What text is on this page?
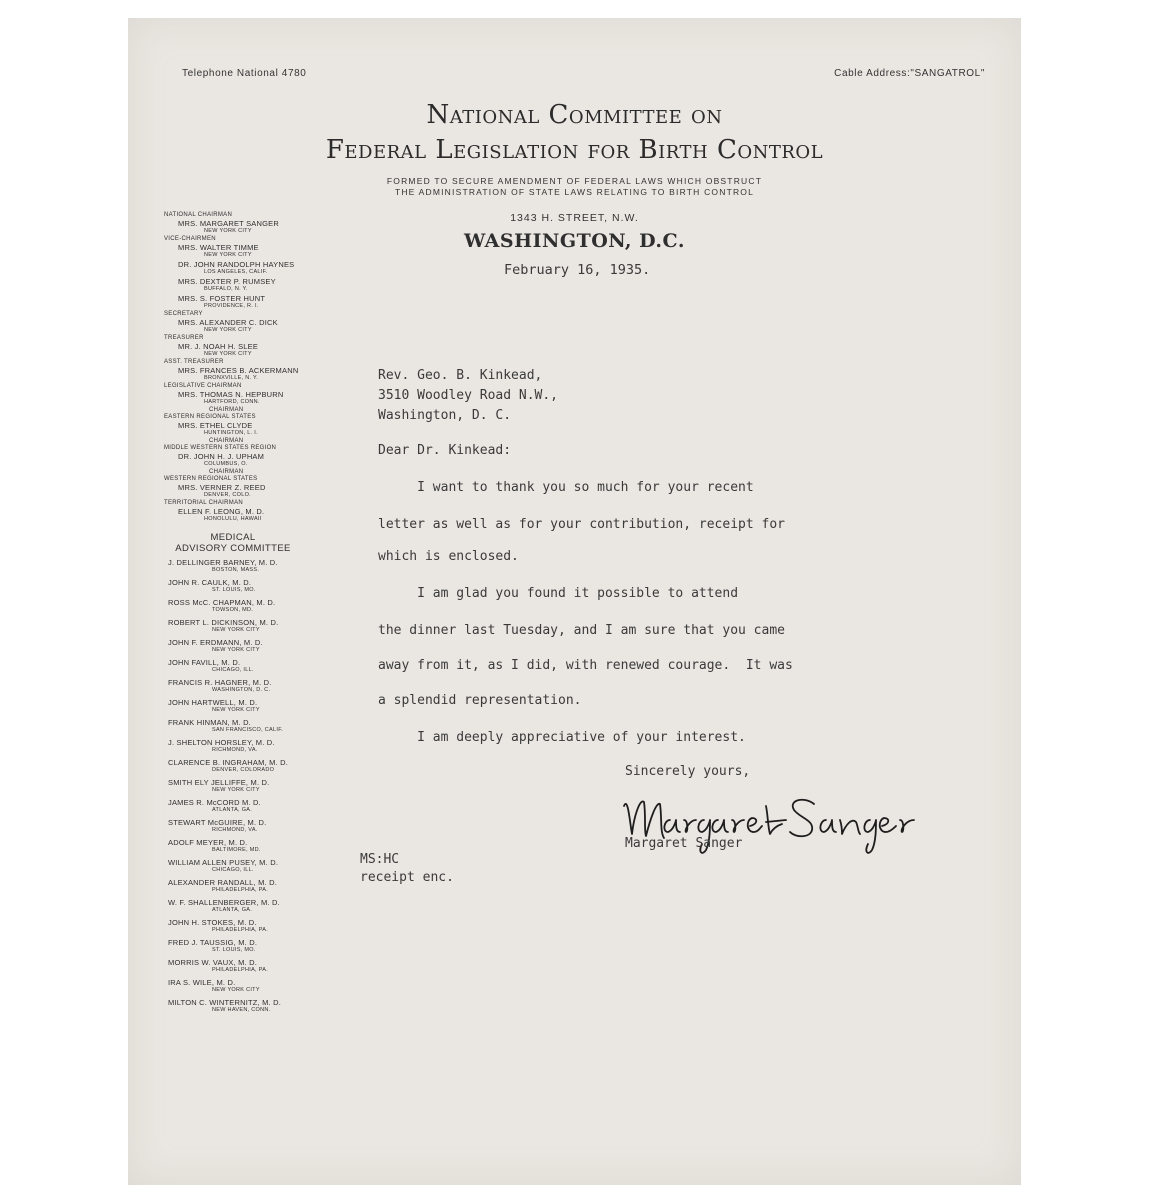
Telephone National 4780	Cable Address:"SANGATROL"
National Committee on
Federal Legislation for Birth Control
FORMED TO SECURE AMENDMENT OF FEDERAL LAWS WHICH OBSTRUCT
THE ADMINISTRATION OF STATE LAWS RELATING TO BIRTH CONTROL
1343 H. STREET, N.W.
WASHINGTON, D.C.
February 16, 1935.
NATIONAL CHAIRMAN
MRS. MARGARET SANGER
NEW YORK CITY
VICE-CHAIRMEN
MRS. WALTER TIMME
NEW YORK CITY
DR. JOHN RANDOLPH HAYNES
LOS ANGELES, CALIF.
MRS. DEXTER P. RUMSEY
BUFFALO, N. Y.
MRS. S. FOSTER HUNT
PROVIDENCE, R. I.
SECRETARY
MRS. ALEXANDER C. DICK
NEW YORK CITY
TREASURER
MR. J. NOAH H. SLEE
NEW YORK CITY
ASST. TREASURER
MRS. FRANCES B. ACKERMANN
BRONXVILLE, N. Y.
LEGISLATIVE CHAIRMAN
MRS. THOMAS N. HEPBURN
HARTFORD, CONN.
CHAIRMAN
EASTERN REGIONAL STATES
MRS. ETHEL CLYDE
HUNTINGTON, L. I.
CHAIRMAN
MIDDLE WESTERN STATES REGION
DR. JOHN H. J. UPHAM
COLUMBUS, O.
CHAIRMAN
WESTERN REGIONAL STATES
MRS. VERNER Z. REED
DENVER, COLO.
TERRITORIAL CHAIRMAN
ELLEN F. LEONG, M. D.
HONOLULU, HAWAII
MEDICAL
ADVISORY COMMITTEE
J. DELLINGER BARNEY, M. D.
BOSTON, MASS.
JOHN R. CAULK, M. D.
ST. LOUIS, MO.
ROSS McC. CHAPMAN, M. D.
TOWSON, MD.
ROBERT L. DICKINSON, M. D.
NEW YORK CITY
JOHN F. ERDMANN, M. D.
NEW YORK CITY
JOHN FAVILL, M. D.
CHICAGO, ILL.
FRANCIS R. HAGNER, M. D.
WASHINGTON, D. C.
JOHN HARTWELL, M. D.
NEW YORK CITY
FRANK HINMAN, M. D.
SAN FRANCISCO, CALIF.
J. SHELTON HORSLEY, M. D.
RICHMOND, VA.
CLARENCE B. INGRAHAM, M. D.
DENVER, COLORADO
SMITH ELY JELLIFFE, M. D.
NEW YORK CITY
JAMES R. McCORD M. D.
ATLANTA, GA.
STEWART McGUIRE, M. D.
RICHMOND, VA.
ADOLF MEYER, M. D.
BALTIMORE, MD.
WILLIAM ALLEN PUSEY, M. D.
CHICAGO, ILL.
ALEXANDER RANDALL, M. D.
PHILADELPHIA, PA.
W. F. SHALLENBERGER, M. D.
ATLANTA, GA.
JOHN H. STOKES, M. D.
PHILADELPHIA, PA.
FRED J. TAUSSIG, M. D.
ST. LOUIS, MO.
MORRIS W. VAUX, M. D.
PHILADELPHIA, PA.
IRA S. WILE, M. D.
NEW YORK CITY
MILTON C. WINTERNITZ, M. D.
NEW HAVEN, CONN.
Rev. Geo. B. Kinkead,
3510 Woodley Road N.W.,
Washington, D. C.
Dear Dr. Kinkead:
I want to thank you so much for your recent
letter as well as for your contribution, receipt for
which is enclosed.
I am glad you found it possible to attend
the dinner last Tuesday, and I am sure that you came
away from it, as I did, with renewed courage.  It was
a splendid representation.
I am deeply appreciative of your interest.
Sincerely yours,
Margaret Sanger
MS:HC
receipt enc.
